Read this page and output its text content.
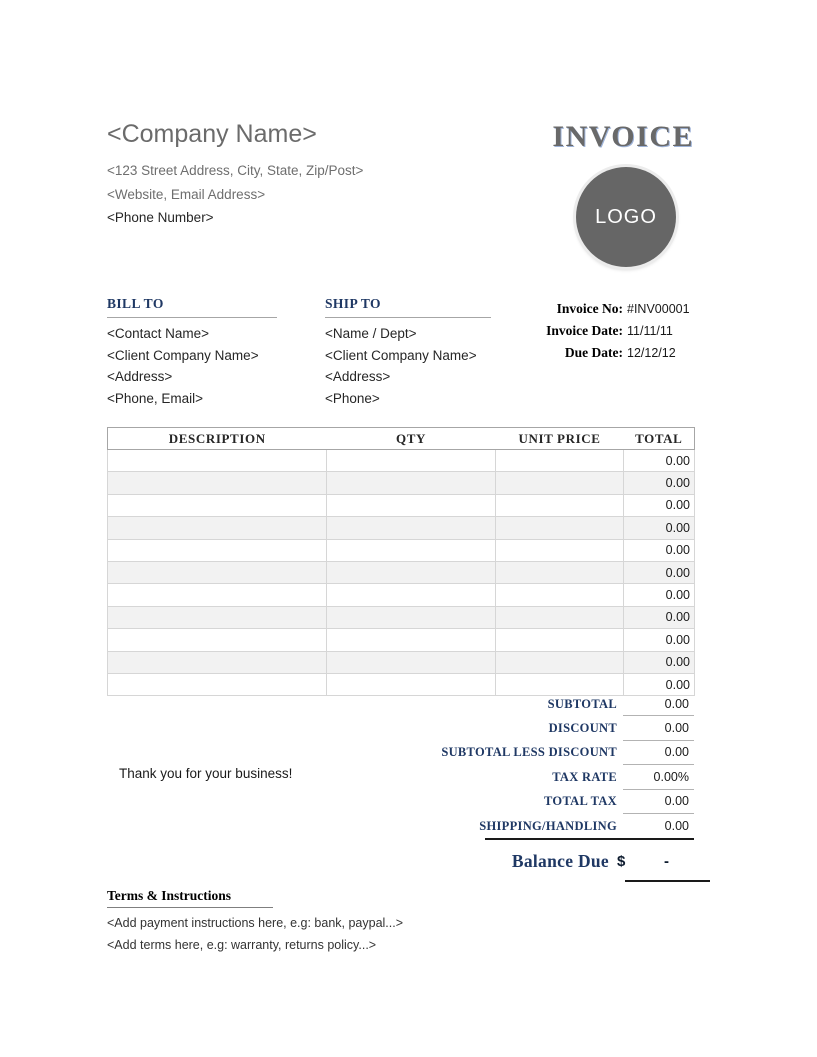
<Company Name>
<123 Street Address, City, State, Zip/Post>
<Website, Email Address>
<Phone Number>
INVOICE
LOGO
BILL TO
<Contact Name>
<Client Company Name>
<Address>
<Phone, Email>
SHIP TO
<Name / Dept>
<Client Company Name>
<Address>
<Phone>
Invoice No: #INV00001
Invoice Date: 11/11/11
Due Date: 12/12/12
DESCRIPTION	QTY	UNIT PRICE	TOTAL
			0.00
			0.00
			0.00
			0.00
			0.00
			0.00
			0.00
			0.00
			0.00
			0.00
			0.00
SUBTOTAL	0.00
DISCOUNT	0.00
SUBTOTAL LESS DISCOUNT	0.00
TAX RATE	0.00%
TOTAL TAX	0.00
SHIPPING/HANDLING	0.00
Balance Due $	-
Thank you for your business!
Terms & Instructions
<Add payment instructions here, e.g: bank, paypal...>
<Add terms here, e.g: warranty, returns policy...>
